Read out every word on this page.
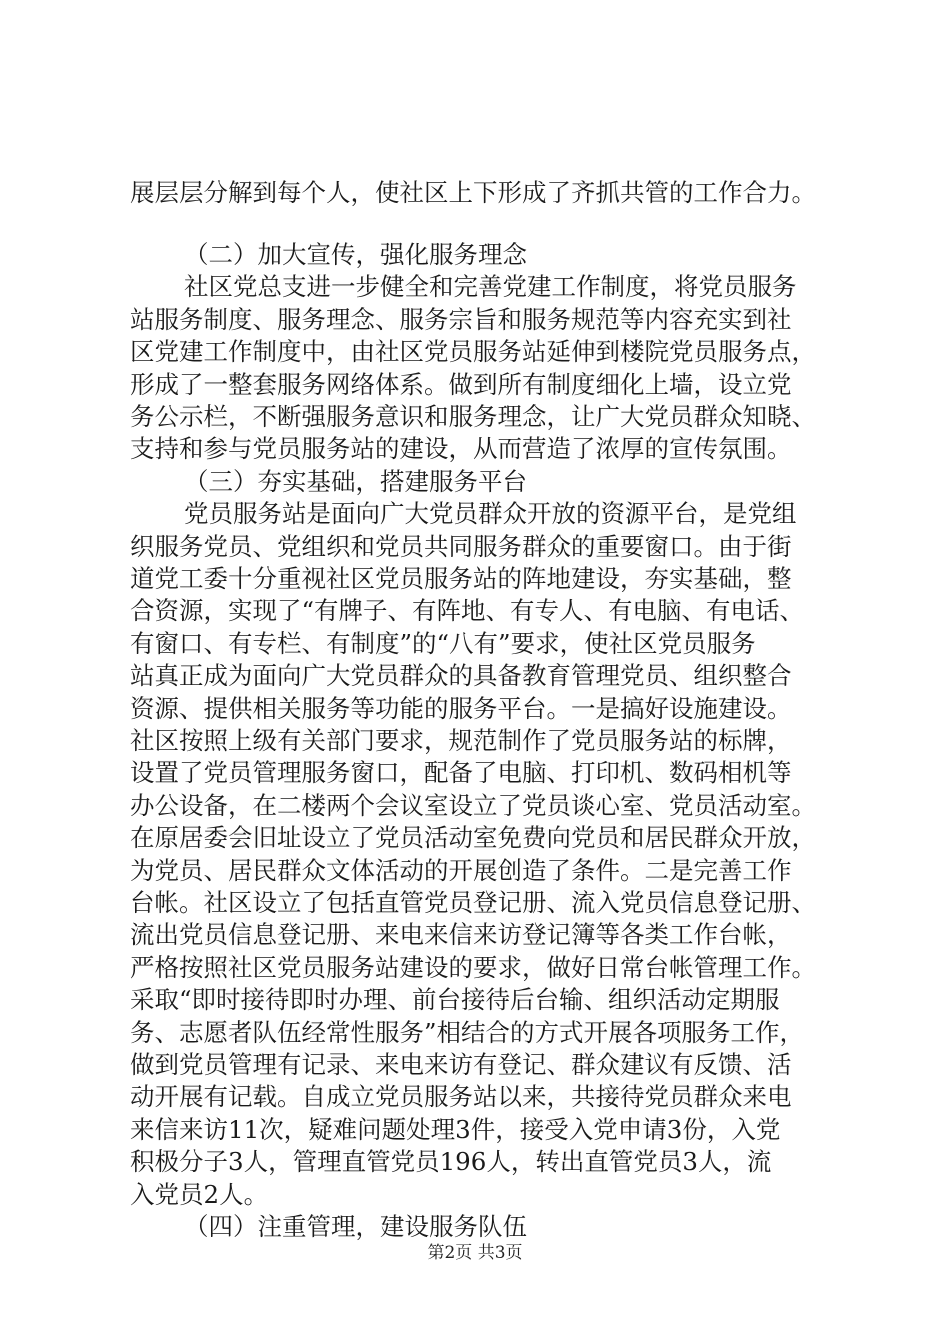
展层层分解到每个人，使社区上下形成了齐抓共管的工作合力。
（二）加大宣传，强化服务理念
社区党总支进一步健全和完善党建工作制度，将党员服务
站服务制度、服务理念、服务宗旨和服务规范等内容充实到社
区党建工作制度中，由社区党员服务站延伸到楼院党员服务点，
形成了一整套服务网络体系。做到所有制度细化上墙，设立党
务公示栏，不断强服务意识和服务理念，让广大党员群众知晓、
支持和参与党员服务站的建设，从而营造了浓厚的宣传氛围。
（三）夯实基础，搭建服务平台
党员服务站是面向广大党员群众开放的资源平台，是党组
织服务党员、党组织和党员共同服务群众的重要窗口。由于街
道党工委十分重视社区党员服务站的阵地建设，夯实基础，整
合资源，实现了“有牌子、有阵地、有专人、有电脑、有电话、
有窗口、有专栏、有制度”的“八有”要求，使社区党员服务
站真正成为面向广大党员群众的具备教育管理党员、组织整合
资源、提供相关服务等功能的服务平台。一是搞好设施建设。
社区按照上级有关部门要求，规范制作了党员服务站的标牌，
设置了党员管理服务窗口，配备了电脑、打印机、数码相机等
办公设备，在二楼两个会议室设立了党员谈心室、党员活动室。
在原居委会旧址设立了党员活动室免费向党员和居民群众开放，
为党员、居民群众文体活动的开展创造了条件。二是完善工作
台帐。社区设立了包括直管党员登记册、流入党员信息登记册、
流出党员信息登记册、来电来信来访登记簿等各类工作台帐，
严格按照社区党员服务站建设的要求，做好日常台帐管理工作。
采取“即时接待即时办理、前台接待后台输、组织活动定期服
务、志愿者队伍经常性服务”相结合的方式开展各项服务工作，
做到党员管理有记录、来电来访有登记、群众建议有反馈、活
动开展有记载。自成立党员服务站以来，共接待党员群众来电
来信来访11次，疑难问题处理3件，接受入党申请3份，入党
积极分子3人，管理直管党员196人，转出直管党员3人，流
入党员2人。
第2页 共3页
（四）注重管理，建设服务队伍
